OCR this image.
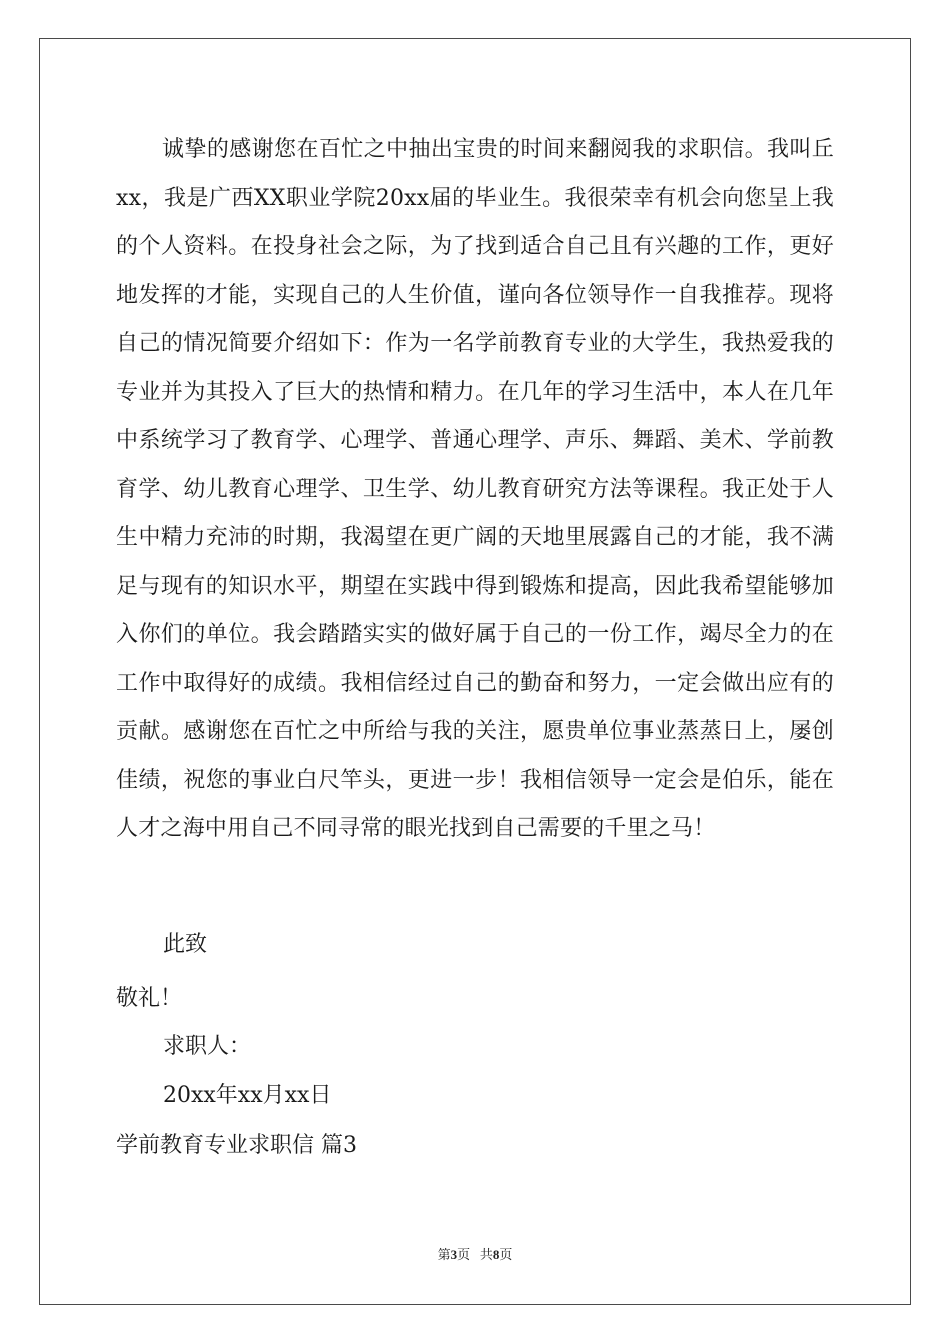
诚挚的感谢您在百忙之中抽出宝贵的时间来翻阅我的求职信。我叫丘xx，我是广西XX职业学院20xx届的毕业生。我很荣幸有机会向您呈上我的个人资料。在投身社会之际，为了找到适合自己且有兴趣的工作，更好地发挥的才能，实现自己的人生价值，谨向各位领导作一自我推荐。现将自己的情况简要介绍如下：作为一名学前教育专业的大学生，我热爱我的专业并为其投入了巨大的热情和精力。在几年的学习生活中，本人在几年中系统学习了教育学、心理学、普通心理学、声乐、舞蹈、美术、学前教育学、幼儿教育心理学、卫生学、幼儿教育研究方法等课程。我正处于人生中精力充沛的时期，我渴望在更广阔的天地里展露自己的才能，我不满足与现有的知识水平，期望在实践中得到锻炼和提高，因此我希望能够加入你们的单位。我会踏踏实实的做好属于自己的一份工作，竭尽全力的在工作中取得好的成绩。我相信经过自己的勤奋和努力，一定会做出应有的贡献。感谢您在百忙之中所给与我的关注，愿贵单位事业蒸蒸日上，屡创佳绩，祝您的事业白尺竿头，更进一步！我相信领导一定会是伯乐，能在人才之海中用自己不同寻常的眼光找到自己需要的千里之马！

此致

敬礼！

求职人：

20xx年xx月xx日

学前教育专业求职信 篇3

第3页 共8页
